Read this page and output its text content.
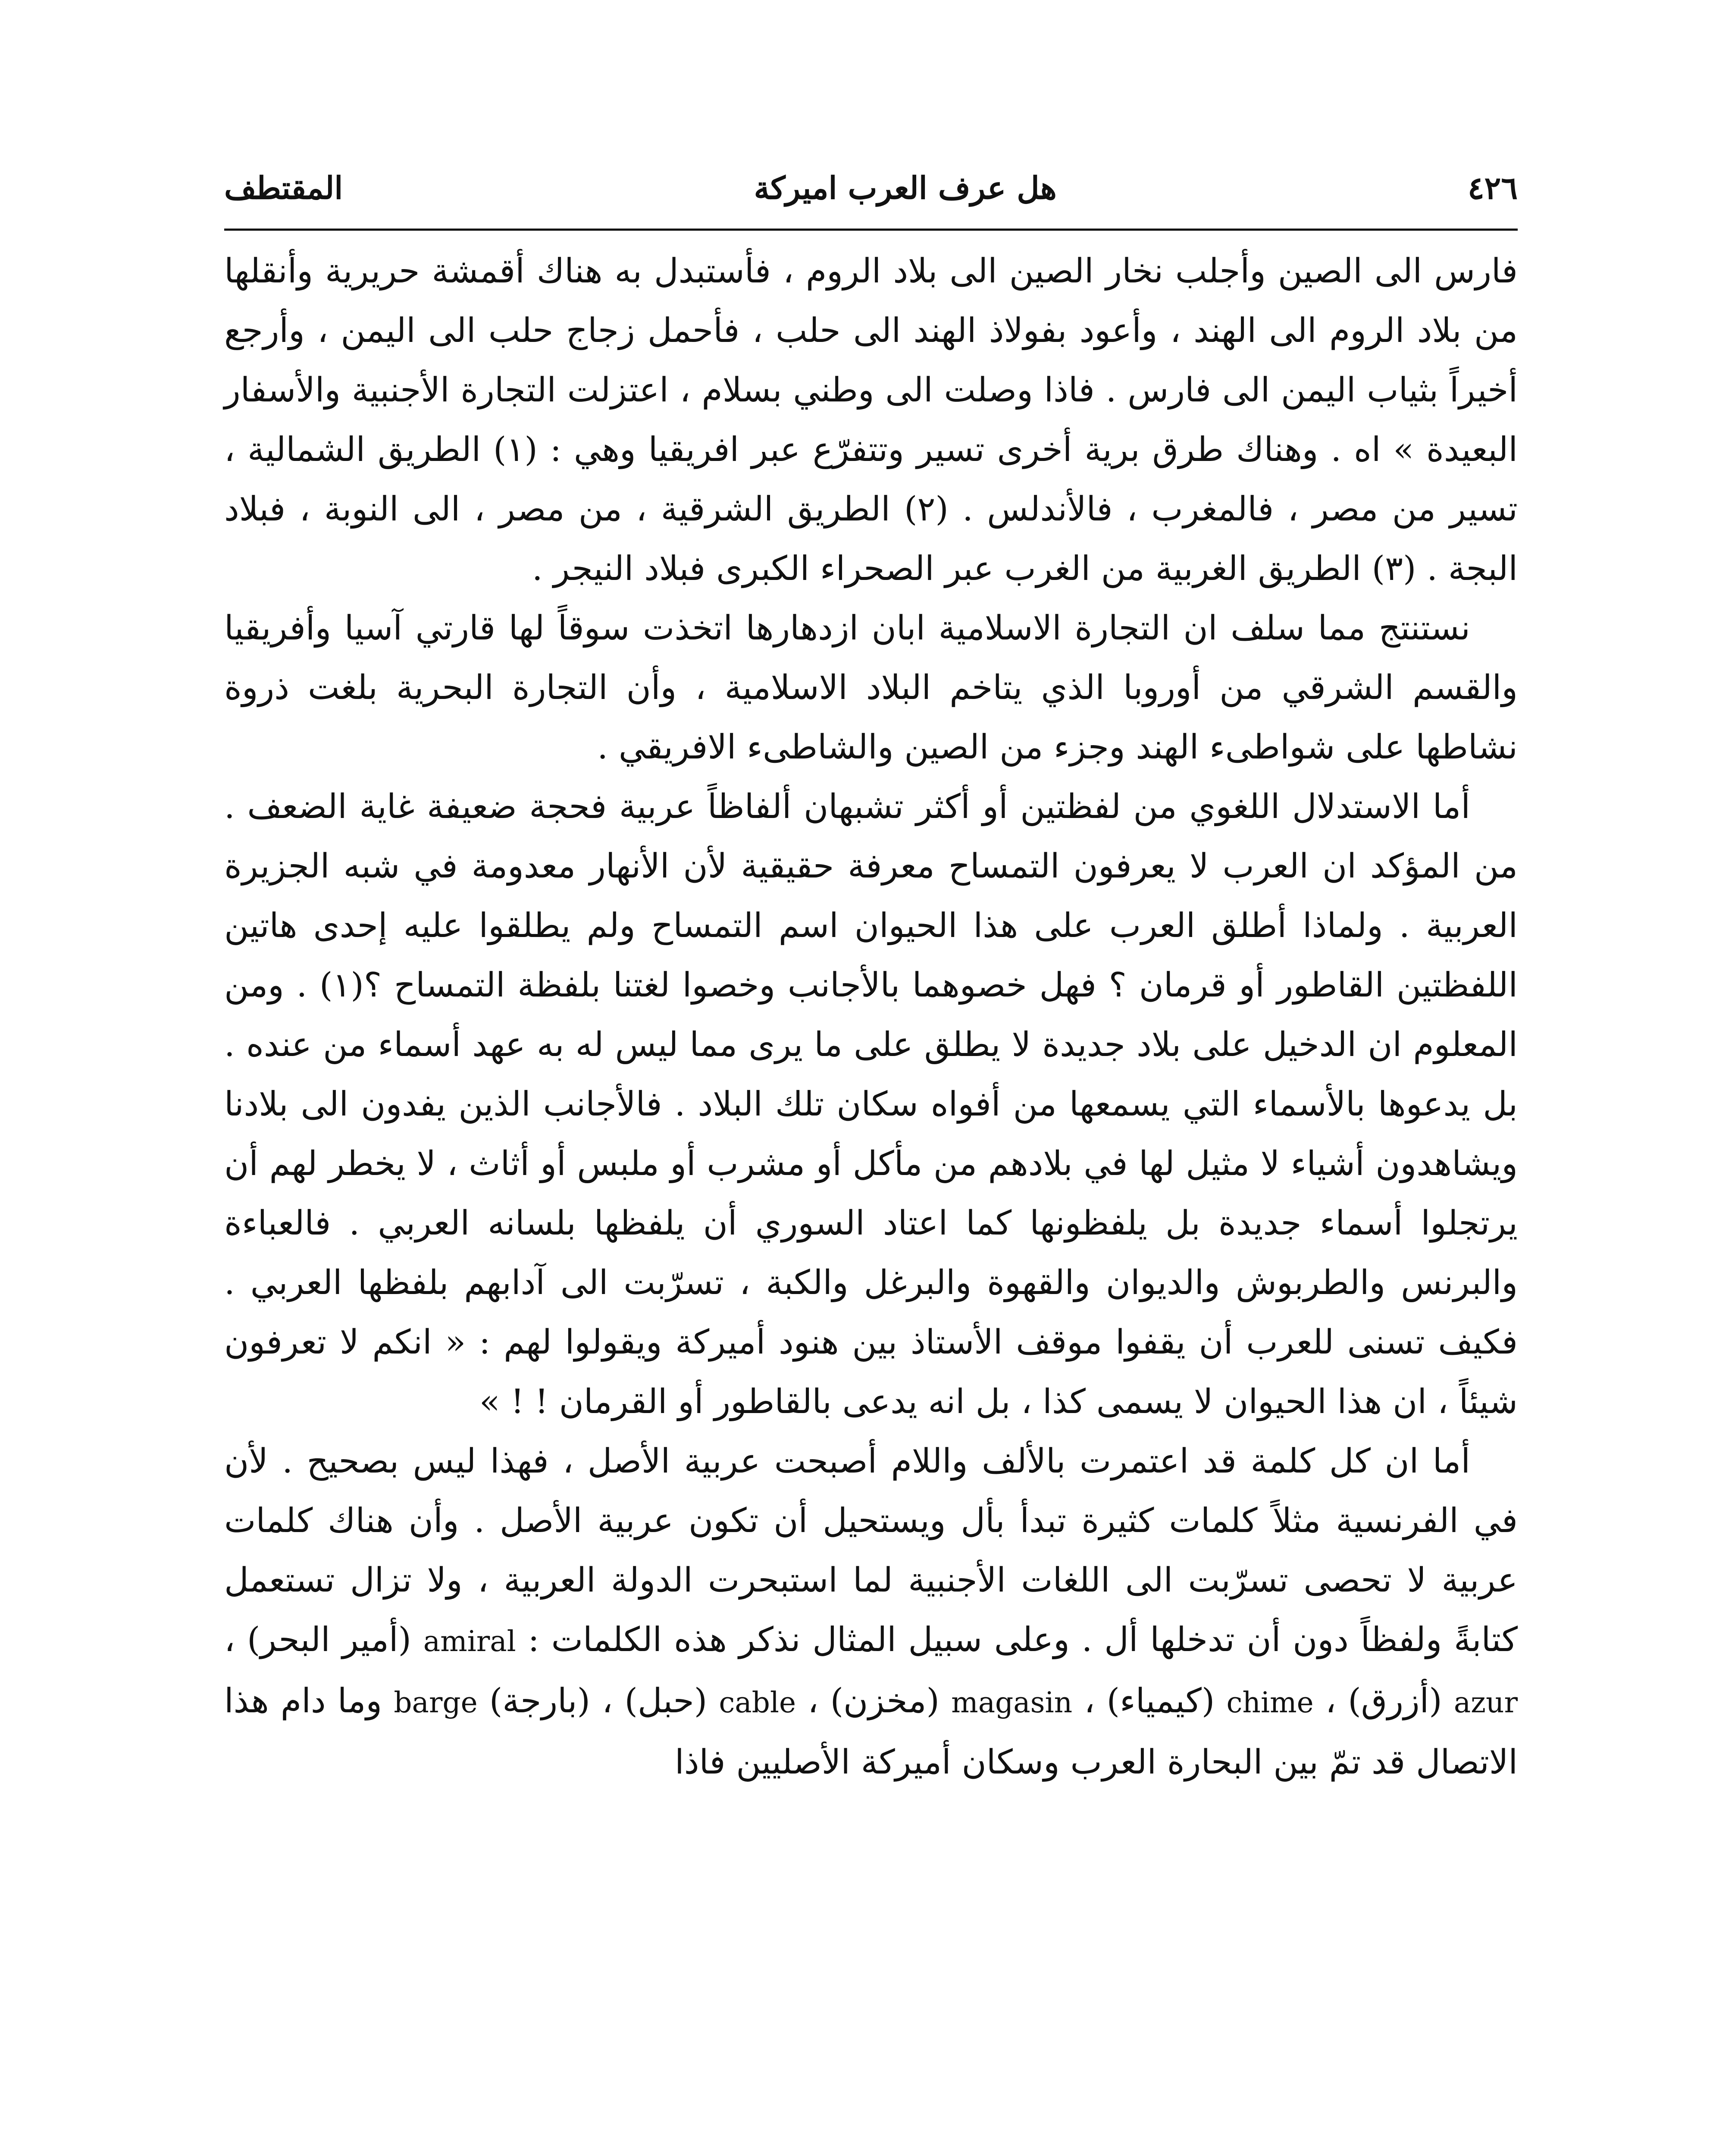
٤٢٦
هل عرف العرب اميركة
المقتطف

فارس الى الصين وأجلب نخار الصين الى بلاد الروم ، فأستبدل به هناك أقمشة حريرية وأنقلها من بلاد الروم الى الهند ، وأعود بفولاذ الهند الى حلب ، فأحمل زجاج حلب الى اليمن ، وأرجع أخيراً بثياب اليمن الى فارس . فاذا وصلت الى وطني بسلام ، اعتزلت التجارة الأجنبية والأسفار البعيدة » اه . وهناك طرق برية أخرى تسير وتتفرّع عبر افريقيا وهي : (١) الطريق الشمالية ، تسير من مصر ، فالمغرب ، فالأندلس . (٢) الطريق الشرقية ، من مصر ، الى النوبة ، فبلاد البجة . (٣) الطريق الغربية من الغرب عبر الصحراء الكبرى فبلاد النيجر .

نستنتج مما سلف ان التجارة الاسلامية ابان ازدهارها اتخذت سوقاً لها قارتي آسيا وأفريقيا والقسم الشرقي من أوروبا الذي يتاخم البلاد الاسلامية ، وأن التجارة البحرية بلغت ذروة نشاطها على شواطىء الهند وجزء من الصين والشاطىء الافريقي .

أما الاستدلال اللغوي من لفظتين أو أكثر تشبهان ألفاظاً عربية فحجة ضعيفة غاية الضعف . من المؤكد ان العرب لا يعرفون التمساح معرفة حقيقية لأن الأنهار معدومة في شبه الجزيرة العربية . ولماذا أطلق العرب على هذا الحيوان اسم التمساح ولم يطلقوا عليه إحدى هاتين اللفظتين القاطور أو قرمان ؟ فهل خصوهما بالأجانب وخصوا لغتنا بلفظة التمساح ؟(١) . ومن المعلوم ان الدخيل على بلاد جديدة لا يطلق على ما يرى مما ليس له به عهد أسماء من عنده . بل يدعوها بالأسماء التي يسمعها من أفواه سكان تلك البلاد . فالأجانب الذين يفدون الى بلادنا ويشاهدون أشياء لا مثيل لها في بلادهم من مأكل أو مشرب أو ملبس أو أثاث ، لا يخطر لهم أن يرتجلوا أسماء جديدة بل يلفظونها كما اعتاد السوري أن يلفظها بلسانه العربي . فالعباءة والبرنس والطربوش والديوان والقهوة والبرغل والكبة ، تسرّبت الى آدابهم بلفظها العربي . فكيف تسنى للعرب أن يقفوا موقف الأستاذ بين هنود أميركة ويقولوا لهم : « انكم لا تعرفون شيئاً ، ان هذا الحيوان لا يسمى كذا ، بل انه يدعى بالقاطور أو القرمان ! ! »

أما ان كل كلمة قد اعتمرت بالألف واللام أصبحت عربية الأصل ، فهذا ليس بصحيح . لأن في الفرنسية مثلاً كلمات كثيرة تبدأ بأل ويستحيل أن تكون عربية الأصل . وأن هناك كلمات عربية لا تحصى تسرّبت الى اللغات الأجنبية لما استبحرت الدولة العربية ، ولا تزال تستعمل كتابةً ولفظاً دون أن تدخلها أل . وعلى سبيل المثال نذكر هذه الكلمات : amiral (أمير البحر) ، azur (أزرق) ، chime (كيمياء) ، magasin (مخزن) ، cable (حبل) ، (بارجة) barge وما دام هذا الاتصال قد تمّ بين البحارة العرب وسكان أميركة الأصليين فاذا
